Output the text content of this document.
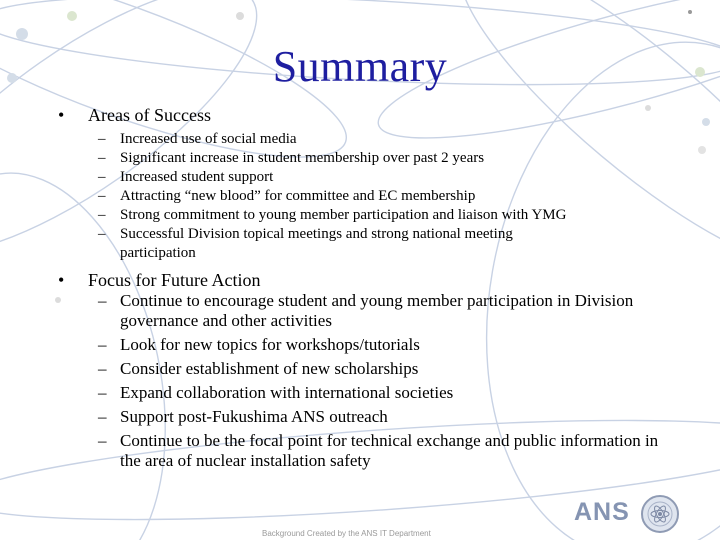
Summary
• Areas of Success
– Increased use of social media
– Significant increase in student membership over past 2 years
– Increased student support
– Attracting “new blood” for committee and EC membership
– Strong commitment to young member participation and liaison with YMG
– Successful Division topical meetings and strong national meeting participation
• Focus for Future Action
– Continue to encourage student and young member participation in Division governance and other activities
– Look for new topics for workshops/tutorials
– Consider establishment of new scholarships
– Expand collaboration with international societies
– Support post-Fukushima ANS outreach
– Continue to be the focal point for technical exchange and public information in the area of nuclear installation safety
Background Created by the ANS IT Department
ANS
